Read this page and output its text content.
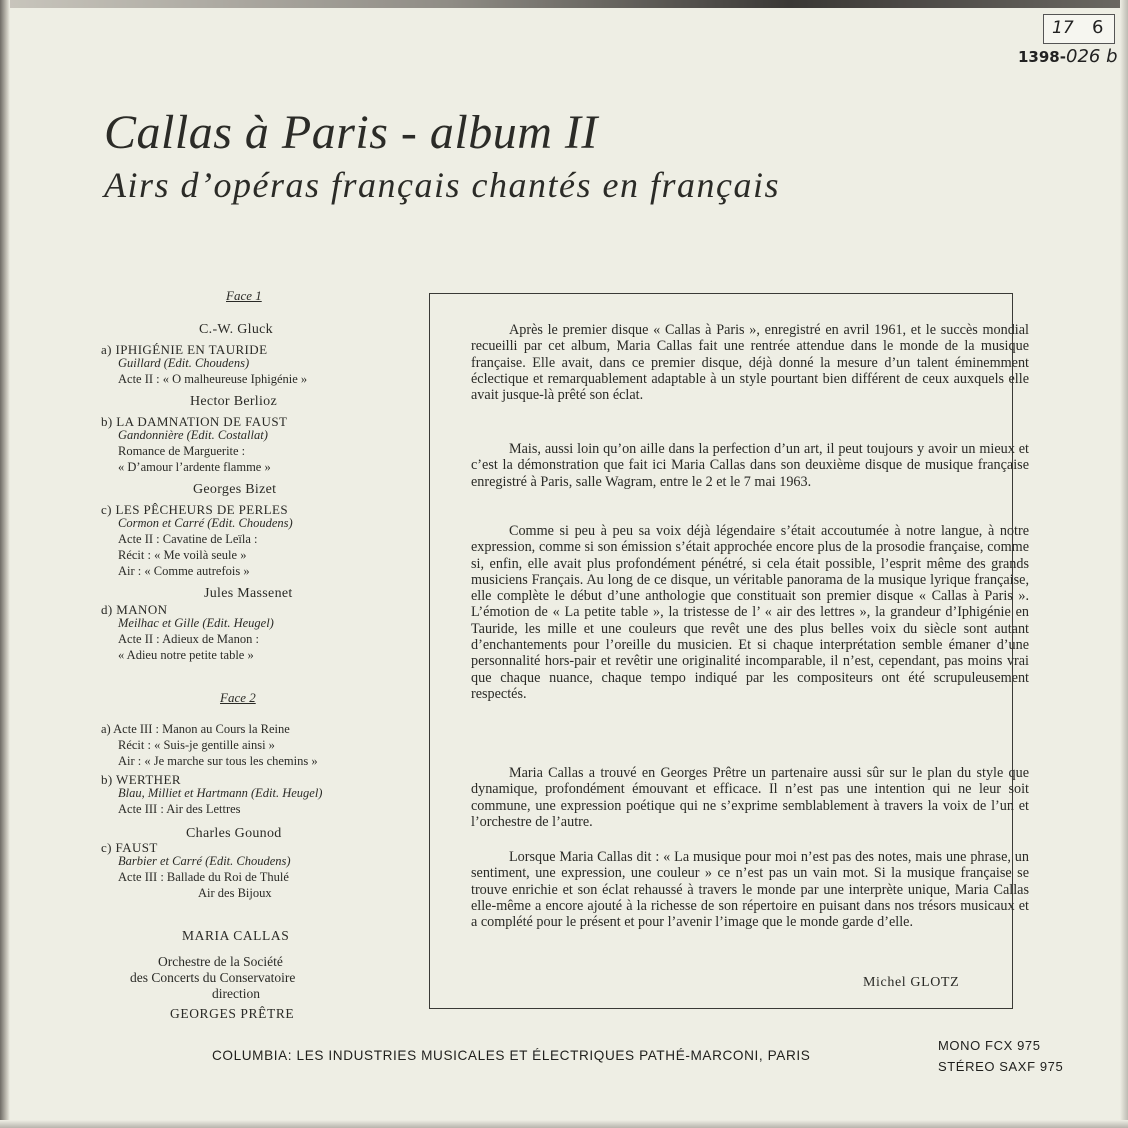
17 6
1398- 026 b
Callas à Paris - album II
Airs d’opéras français chantés en français
Face 1
C.-W. Gluck
a) IPHIGÉNIE EN TAURIDE
Guillard (Edit. Choudens)
Acte II : « O malheureuse Iphigénie »
Hector Berlioz
b) LA DAMNATION DE FAUST
Gandonnière (Edit. Costallat)
Romance de Marguerite :
« D’amour l’ardente flamme »
Georges Bizet
c) LES PÊCHEURS DE PERLES
Cormon et Carré (Edit. Choudens)
Acte II : Cavatine de Leïla :
Récit : « Me voilà seule »
Air : « Comme autrefois »
Jules Massenet
d) MANON
Meilhac et Gille (Edit. Heugel)
Acte II : Adieux de Manon :
« Adieu notre petite table »
Face 2
a) Acte III : Manon au Cours la Reine
Récit : « Suis-je gentille ainsi »
Air : « Je marche sur tous les chemins »
b) WERTHER
Blau, Milliet et Hartmann (Edit. Heugel)
Acte III : Air des Lettres
Charles Gounod
c) FAUST
Barbier et Carré (Edit. Choudens)
Acte III : Ballade du Roi de Thulé
Air des Bijoux
MARIA CALLAS
Orchestre de la Société
des Concerts du Conservatoire
direction
GEORGES PRÊTRE
Après le premier disque « Callas à Paris », enregistré en avril 1961, et le succès mondial recueilli par cet album, Maria Callas fait une rentrée attendue dans le monde de la musique française. Elle avait, dans ce premier disque, déjà donné la mesure d’un talent éminemment éclectique et remarquablement adaptable à un style pourtant bien différent de ceux auxquels elle avait jusque-là prêté son éclat.
Mais, aussi loin qu’on aille dans la perfection d’un art, il peut toujours y avoir un mieux et c’est la démonstration que fait ici Maria Callas dans son deuxième disque de musique française enregistré à Paris, salle Wagram, entre le 2 et le 7 mai 1963.
Comme si peu à peu sa voix déjà légendaire s’était accoutumée à notre langue, à notre expression, comme si son émission s’était approchée encore plus de la prosodie française, comme si, enfin, elle avait plus profondément pénétré, si cela était possible, l’esprit même des grands musiciens Français. Au long de ce disque, un véritable panorama de la musique lyrique française, elle complète le début d’une anthologie que constituait son premier disque « Callas à Paris ». L’émotion de « La petite table », la tristesse de l’ « air des lettres », la grandeur d’Iphigénie en Tauride, les mille et une couleurs que revêt une des plus belles voix du siècle sont autant d’enchantements pour l’oreille du musicien. Et si chaque interprétation semble émaner d’une personnalité hors-pair et revêtir une originalité incomparable, il n’est, cependant, pas moins vrai que chaque nuance, chaque tempo indiqué par les compositeurs ont été scrupuleusement respectés.
Maria Callas a trouvé en Georges Prêtre un partenaire aussi sûr sur le plan du style que dynamique, profondément émouvant et efficace. Il n’est pas une intention qui ne leur soit commune, une expression poétique qui ne s’exprime semblablement à travers la voix de l’un et l’orchestre de l’autre.
Lorsque Maria Callas dit : « La musique pour moi n’est pas des notes, mais une phrase, un sentiment, une expression, une couleur » ce n’est pas un vain mot. Si la musique française se trouve enrichie et son éclat rehaussé à travers le monde par une interprète unique, Maria Callas elle-même a encore ajouté à la richesse de son répertoire en puisant dans nos trésors musicaux et a complété pour le présent et pour l’avenir l’image que le monde garde d’elle.
Michel GLOTZ
COLUMBIA: LES INDUSTRIES MUSICALES ET ÉLECTRIQUES PATHÉ-MARCONI, PARIS
MONO FCX 975
STÉREO SAXF 975
